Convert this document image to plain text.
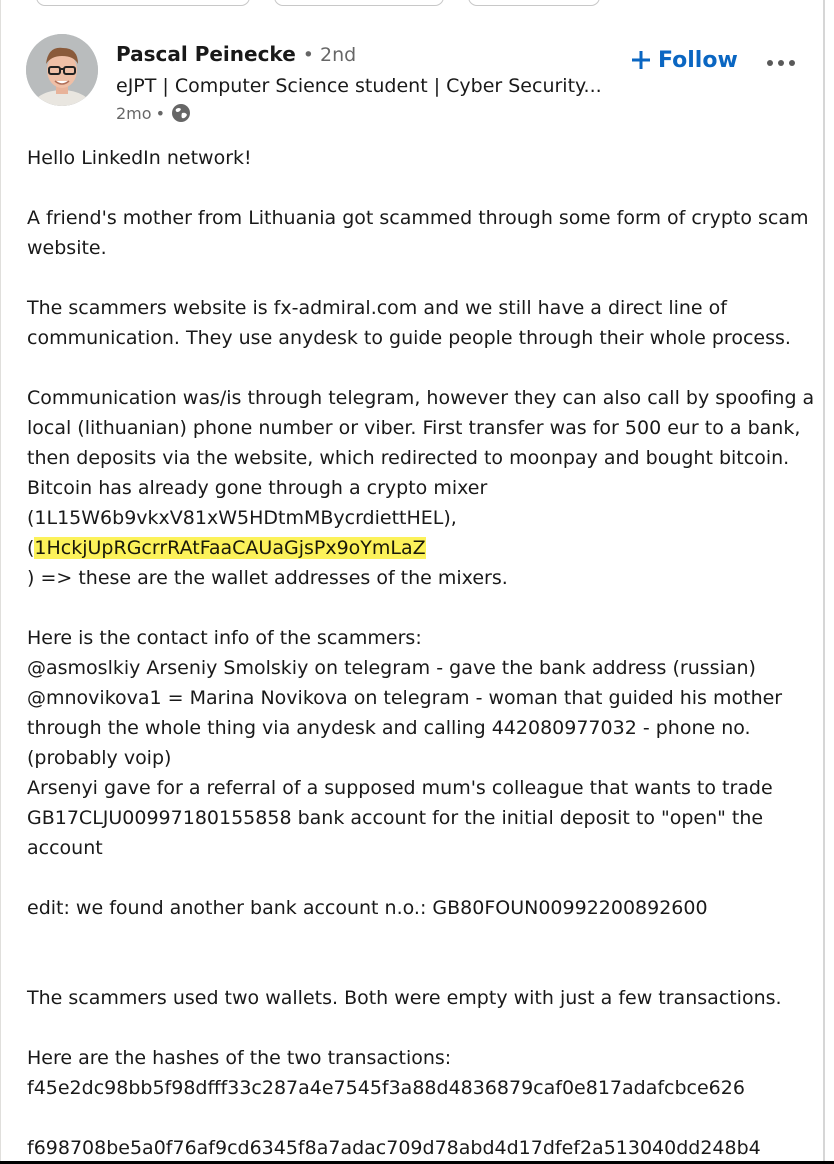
Pascal Peinecke • 2nd
eJPT | Computer Science student | Cyber Security...
2mo •
Follow
Hello LinkedIn network!
A friend's mother from Lithuania got scammed through some form of crypto scam
website.
The scammers website is fx-admiral.com and we still have a direct line of
communication. They use anydesk to guide people through their whole process.
Communication was/is through telegram, however they can also call by spoofing a
local (lithuanian) phone number or viber. First transfer was for 500 eur to a bank,
then deposits via the website, which redirected to moonpay and bought bitcoin.
Bitcoin has already gone through a crypto mixer
(1L15W6b9vkxV81xW5HDtmMBycrdiettHEL),
(1HckjUpRGcrrRAtFaaCAUaGjsPx9oYmLaZ
) => these are the wallet addresses of the mixers.
Here is the contact info of the scammers:
@asmoslkiy Arseniy Smolskiy on telegram - gave the bank address (russian)
@mnovikova1 = Marina Novikova on telegram - woman that guided his mother
through the whole thing via anydesk and calling 442080977032 - phone no.
(probably voip)
Arsenyi gave for a referral of a supposed mum's colleague that wants to trade
GB17CLJU00997180155858 bank account for the initial deposit to "open" the
account
edit: we found another bank account n.o.: GB80FOUN00992200892600
The scammers used two wallets. Both were empty with just a few transactions.
Here are the hashes of the two transactions:
f45e2dc98bb5f98dfff33c287a4e7545f3a88d4836879caf0e817adafcbce626
f698708be5a0f76af9cd6345f8a7adac709d78abd4d17dfef2a513040dd248b4
